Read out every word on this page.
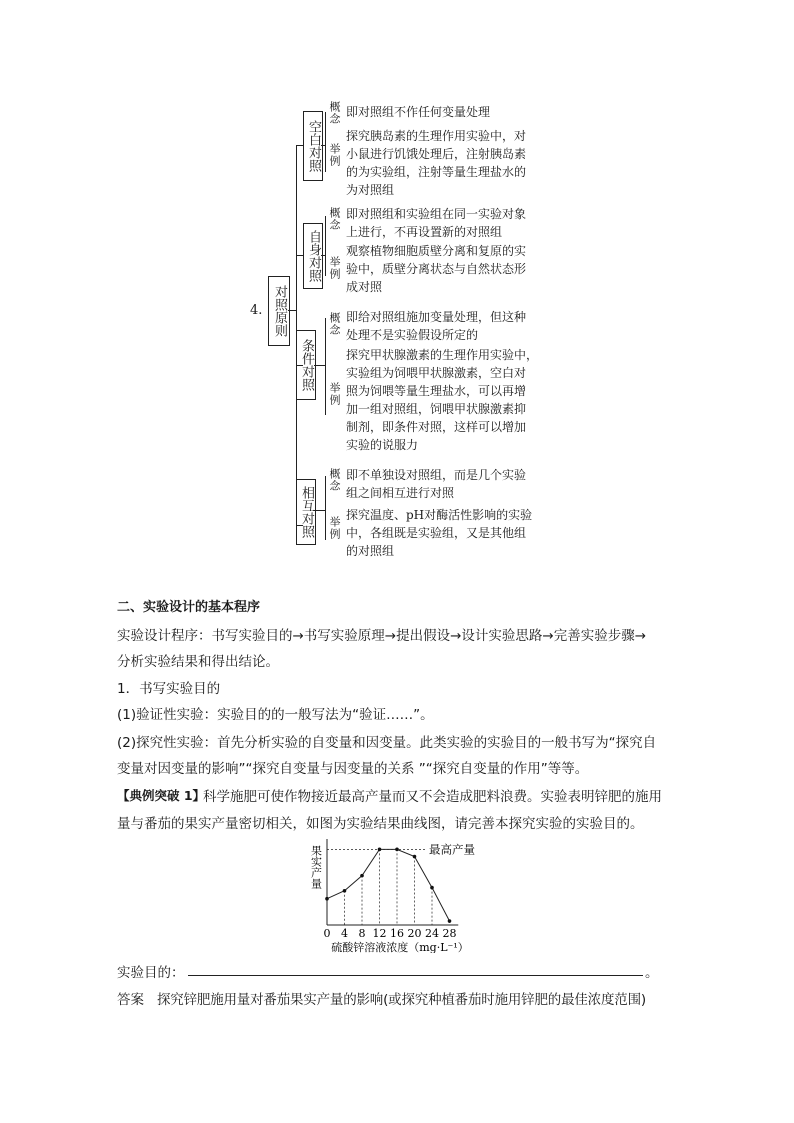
4. 对照原则
空白对照
概念
举例
即对照组不作任何变量处理
探究胰岛素的生理作用实验中，对
小鼠进行饥饿处理后，注射胰岛素
的为实验组，注射等量生理盐水的
为对照组
自身对照
概念
举例
即对照组和实验组在同一实验对象
上进行，不再设置新的对照组
观察植物细胞质壁分离和复原的实
验中，质壁分离状态与自然状态形
成对照
条件对照
概念
举例
即给对照组施加变量处理，但这种
处理不是实验假设所定的
探究甲状腺激素的生理作用实验中，
实验组为饲喂甲状腺激素，空白对
照为饲喂等量生理盐水，可以再增
加一组对照组，饲喂甲状腺激素抑
制剂，即条件对照，这样可以增加
实验的说服力
相互对照
概念
举例
即不单独设对照组，而是几个实验
组之间相互进行对照
探究温度、pH对酶活性影响的实验
中，各组既是实验组，又是其他组
的对照组
二、实验设计的基本程序
实验设计程序：书写实验目的→书写实验原理→提出假设→设计实验思路→完善实验步骤→
分析实验结果和得出结论。
1．书写实验目的
(1)验证性实验：实验目的的一般写法为“验证……”。
(2)探究性实验：首先分析实验的自变量和因变量。此类实验的实验目的一般书写为“探究自
变量对因变量的影响”“探究自变量与因变量的关系 ”“探究自变量的作用”等等。
【典例突破 1】
科学施肥可使作物接近最高产量而又不会造成肥料浪费。实验表明锌肥的施用
量与番茄的果实产量密切相关，如图为实验结果曲线图，请完善本探究实验的实验目的。
果实产量	最高产量
0 4 8 12 16 20 24 28
硫酸锌溶液浓度（mg·L⁻¹）
实验目的：	。
答案 探究锌肥施用量对番茄果实产量的影响(或探究种植番茄时施用锌肥的最佳浓度范围)
